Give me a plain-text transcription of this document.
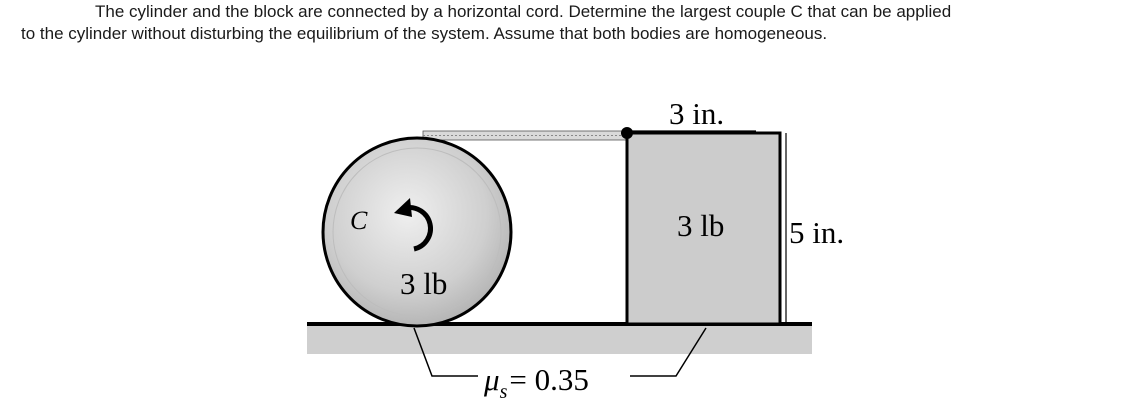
The cylinder and the block are connected by a horizontal cord. Determine the largest couple C that can be applied
to the cylinder without disturbing the equilibrium of the system. Assume that both bodies are homogeneous.
3 in.
5 in.
3 lb
3 lb
C
$\mu_s= 0.35$
